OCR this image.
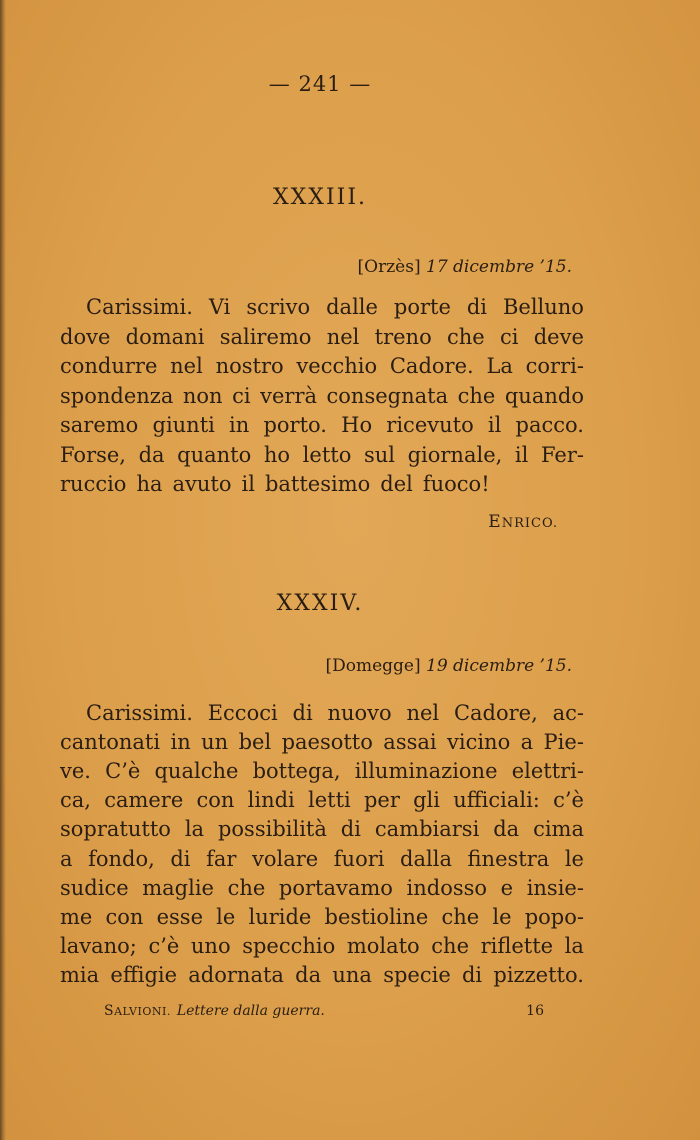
— 241 —
XXXIII.
[Orzès] 17 dicembre ’15.
Carissimi. Vi scrivo dalle porte di Belluno
dove domani saliremo nel treno che ci deve
condurre nel nostro vecchio Cadore. La corri-
spondenza non ci verrà consegnata che quando
saremo giunti in porto. Ho ricevuto il pacco.
Forse, da quanto ho letto sul giornale, il Fer-
ruccio ha avuto il battesimo del fuoco!
ENRICO.
XXXIV.
[Domegge] 19 dicembre ’15.
Carissimi. Eccoci di nuovo nel Cadore, ac-
cantonati in un bel paesotto assai vicino a Pie-
ve. C’è qualche bottega, illuminazione elettri-
ca, camere con lindi letti per gli ufficiali: c’è
sopratutto la possibilità di cambiarsi da cima
a fondo, di far volare fuori dalla finestra le
sudice maglie che portavamo indosso e insie-
me con esse le luride bestioline che le popo-
lavano; c’è uno specchio molato che riflette la
mia effigie adornata da una specie di pizzetto.
SALVIONI. Lettere dalla guerra.	16
